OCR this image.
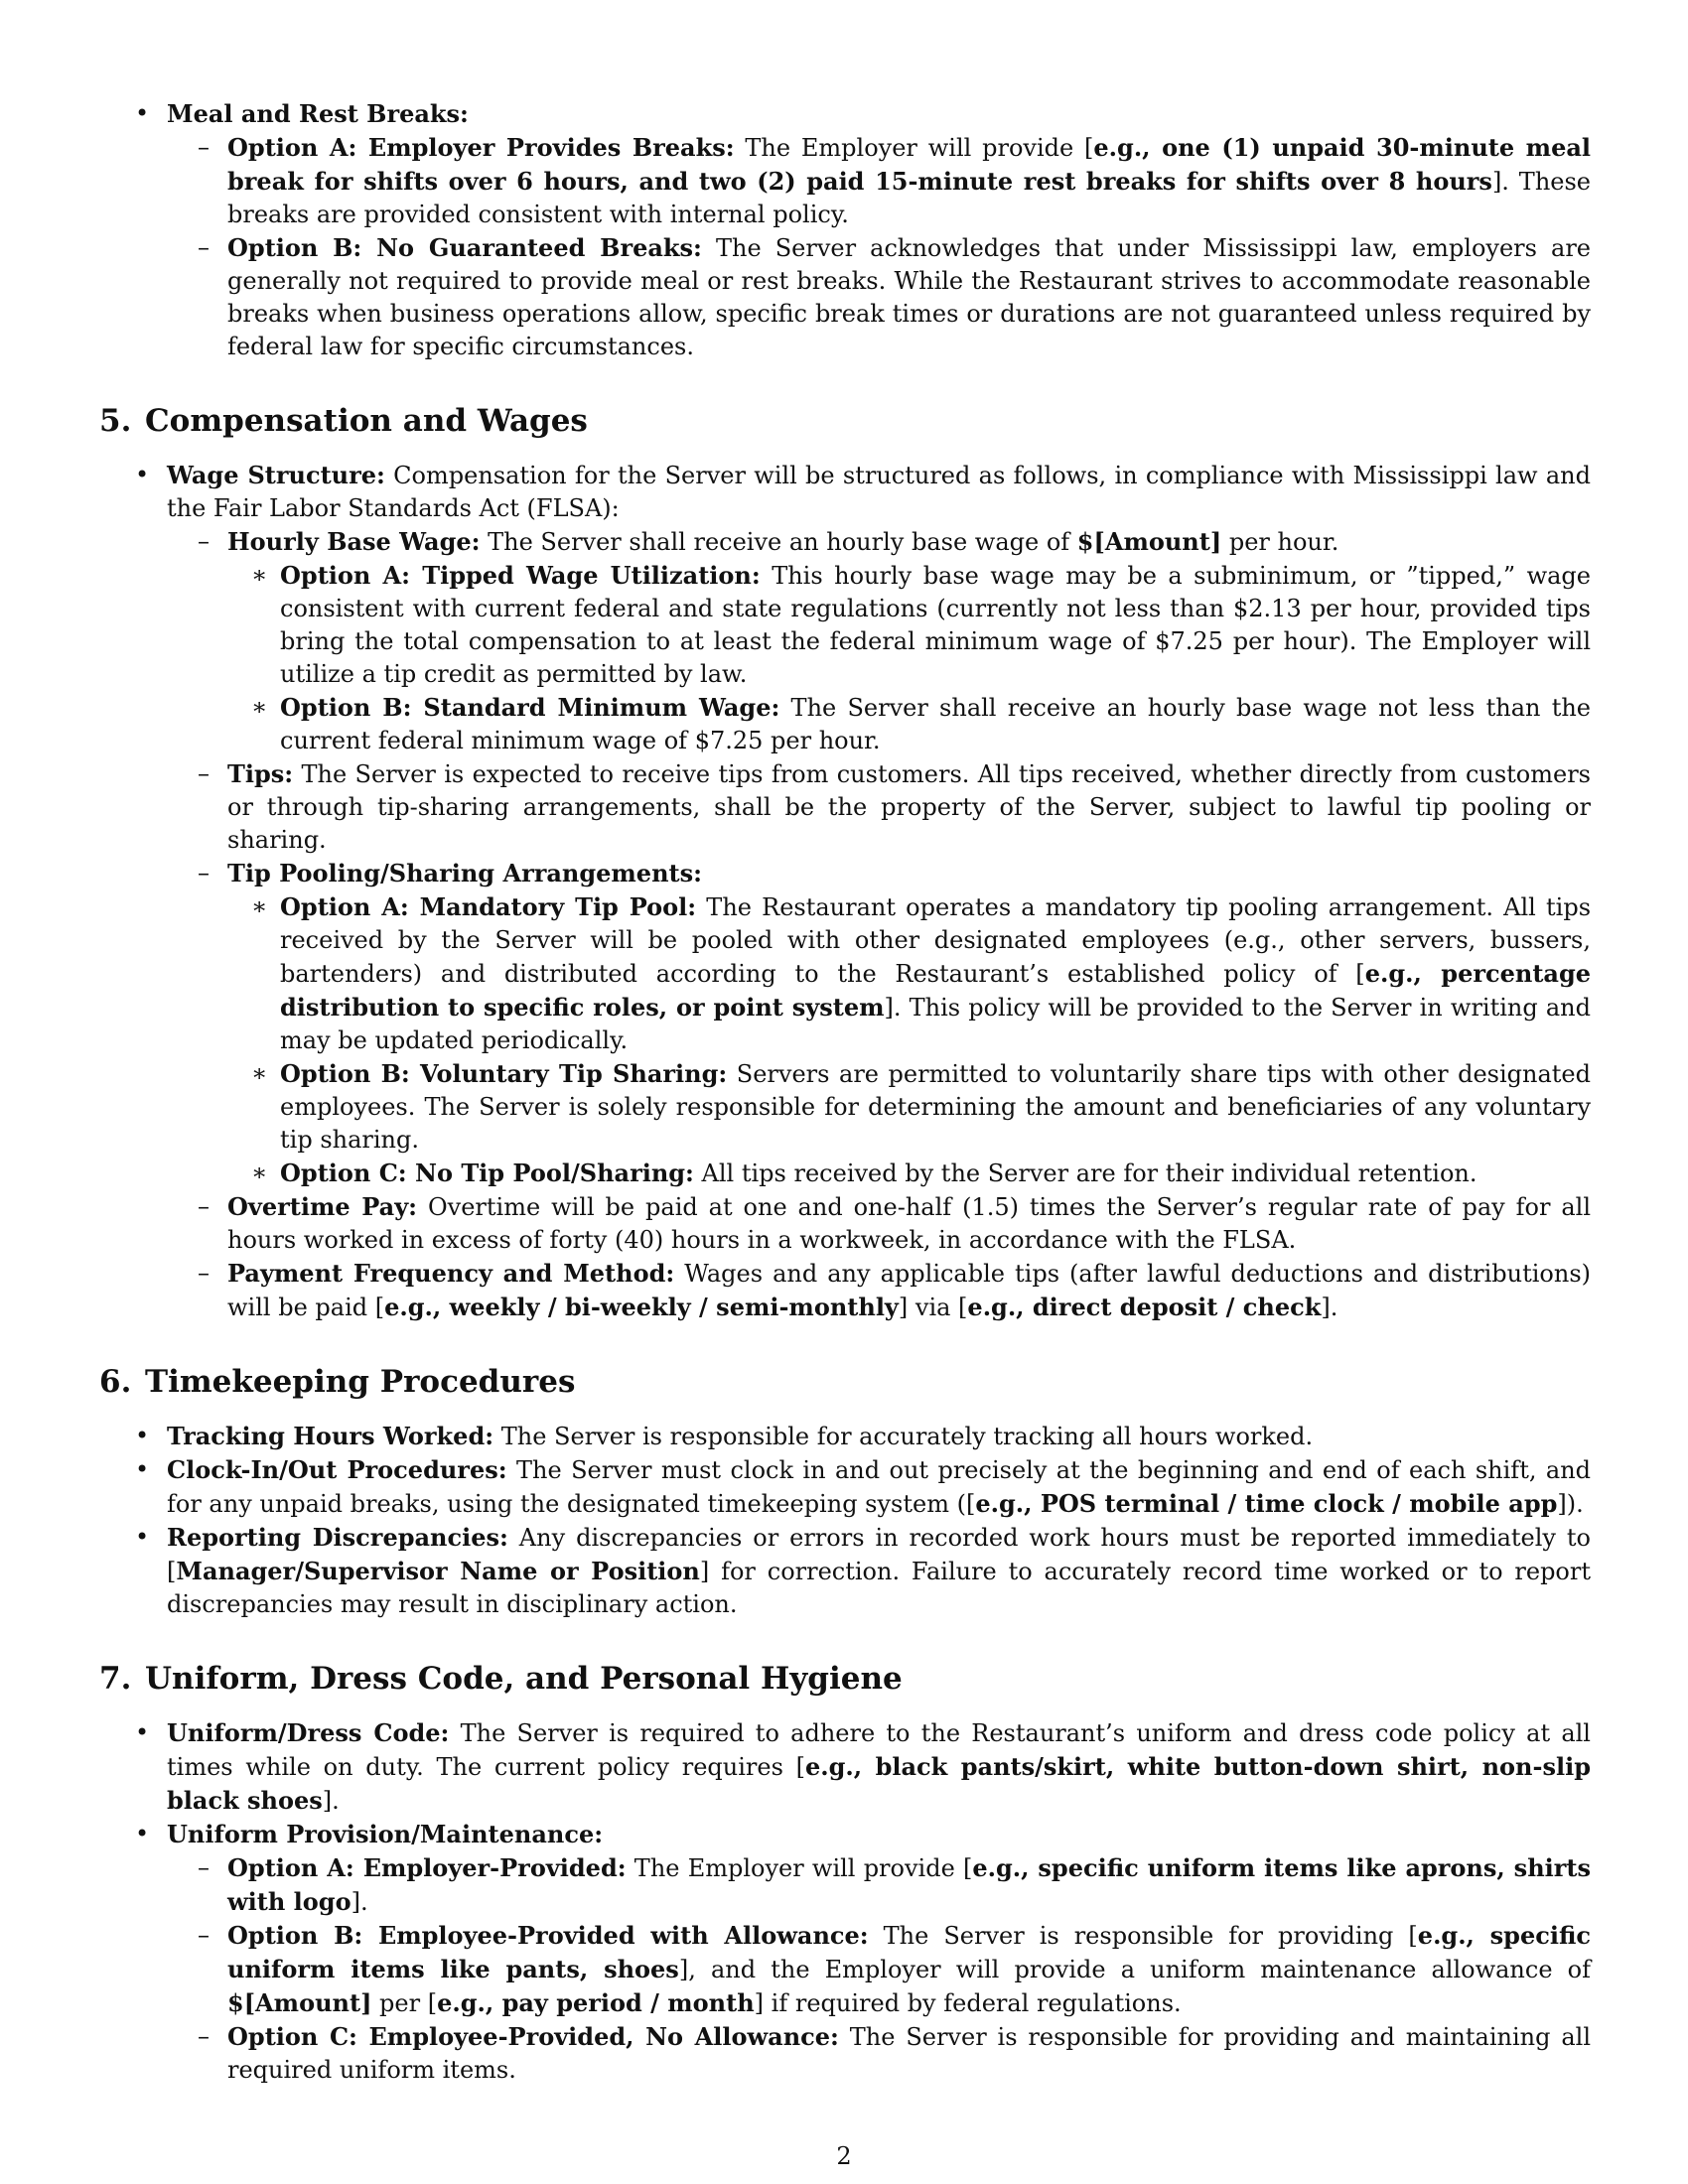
• Meal and Rest Breaks:
– Option A: Employer Provides Breaks: The Employer will provide [e.g., one (1) unpaid 30-minute meal break for shifts over 6 hours, and two (2) paid 15-minute rest breaks for shifts over 8 hours]. These breaks are provided consistent with internal policy.
– Option B: No Guaranteed Breaks: The Server acknowledges that under Mississippi law, employers are generally not required to provide meal or rest breaks. While the Restaurant strives to accommodate reasonable breaks when business operations allow, specific break times or durations are not guaranteed unless required by federal law for specific circumstances.
5. Compensation and Wages
• Wage Structure: Compensation for the Server will be structured as follows, in compliance with Mississippi law and the Fair Labor Standards Act (FLSA):
– Hourly Base Wage: The Server shall receive an hourly base wage of $[Amount] per hour.
∗ Option A: Tipped Wage Utilization: This hourly base wage may be a subminimum, or ”tipped,” wage consistent with current federal and state regulations (currently not less than $2.13 per hour, provided tips bring the total compensation to at least the federal minimum wage of $7.25 per hour). The Employer will utilize a tip credit as permitted by law.
∗ Option B: Standard Minimum Wage: The Server shall receive an hourly base wage not less than the current federal minimum wage of $7.25 per hour.
– Tips: The Server is expected to receive tips from customers. All tips received, whether directly from customers or through tip-sharing arrangements, shall be the property of the Server, subject to lawful tip pooling or sharing.
– Tip Pooling/Sharing Arrangements:
∗ Option A: Mandatory Tip Pool: The Restaurant operates a mandatory tip pooling arrangement. All tips received by the Server will be pooled with other designated employees (e.g., other servers, bussers, bartenders) and distributed according to the Restaurant’s established policy of [e.g., percentage distribution to specific roles, or point system]. This policy will be provided to the Server in writing and may be updated periodically.
∗ Option B: Voluntary Tip Sharing: Servers are permitted to voluntarily share tips with other designated employees. The Server is solely responsible for determining the amount and beneficiaries of any voluntary tip sharing.
∗ Option C: No Tip Pool/Sharing: All tips received by the Server are for their individual retention.
– Overtime Pay: Overtime will be paid at one and one-half (1.5) times the Server’s regular rate of pay for all hours worked in excess of forty (40) hours in a workweek, in accordance with the FLSA.
– Payment Frequency and Method: Wages and any applicable tips (after lawful deductions and distributions) will be paid [e.g., weekly / bi-weekly / semi-monthly] via [e.g., direct deposit / check].
6. Timekeeping Procedures
• Tracking Hours Worked: The Server is responsible for accurately tracking all hours worked.
• Clock-In/Out Procedures: The Server must clock in and out precisely at the beginning and end of each shift, and for any unpaid breaks, using the designated timekeeping system ([e.g., POS terminal / time clock / mobile app]).
• Reporting Discrepancies: Any discrepancies or errors in recorded work hours must be reported immediately to [Manager/Supervisor Name or Position] for correction. Failure to accurately record time worked or to report discrepancies may result in disciplinary action.
7. Uniform, Dress Code, and Personal Hygiene
• Uniform/Dress Code: The Server is required to adhere to the Restaurant’s uniform and dress code policy at all times while on duty. The current policy requires [e.g., black pants/skirt, white button-down shirt, non-slip black shoes].
• Uniform Provision/Maintenance:
– Option A: Employer-Provided: The Employer will provide [e.g., specific uniform items like aprons, shirts with logo].
– Option B: Employee-Provided with Allowance: The Server is responsible for providing [e.g., specific uniform items like pants, shoes], and the Employer will provide a uniform maintenance allowance of $[Amount] per [e.g., pay period / month] if required by federal regulations.
– Option C: Employee-Provided, No Allowance: The Server is responsible for providing and maintaining all required uniform items.
2
